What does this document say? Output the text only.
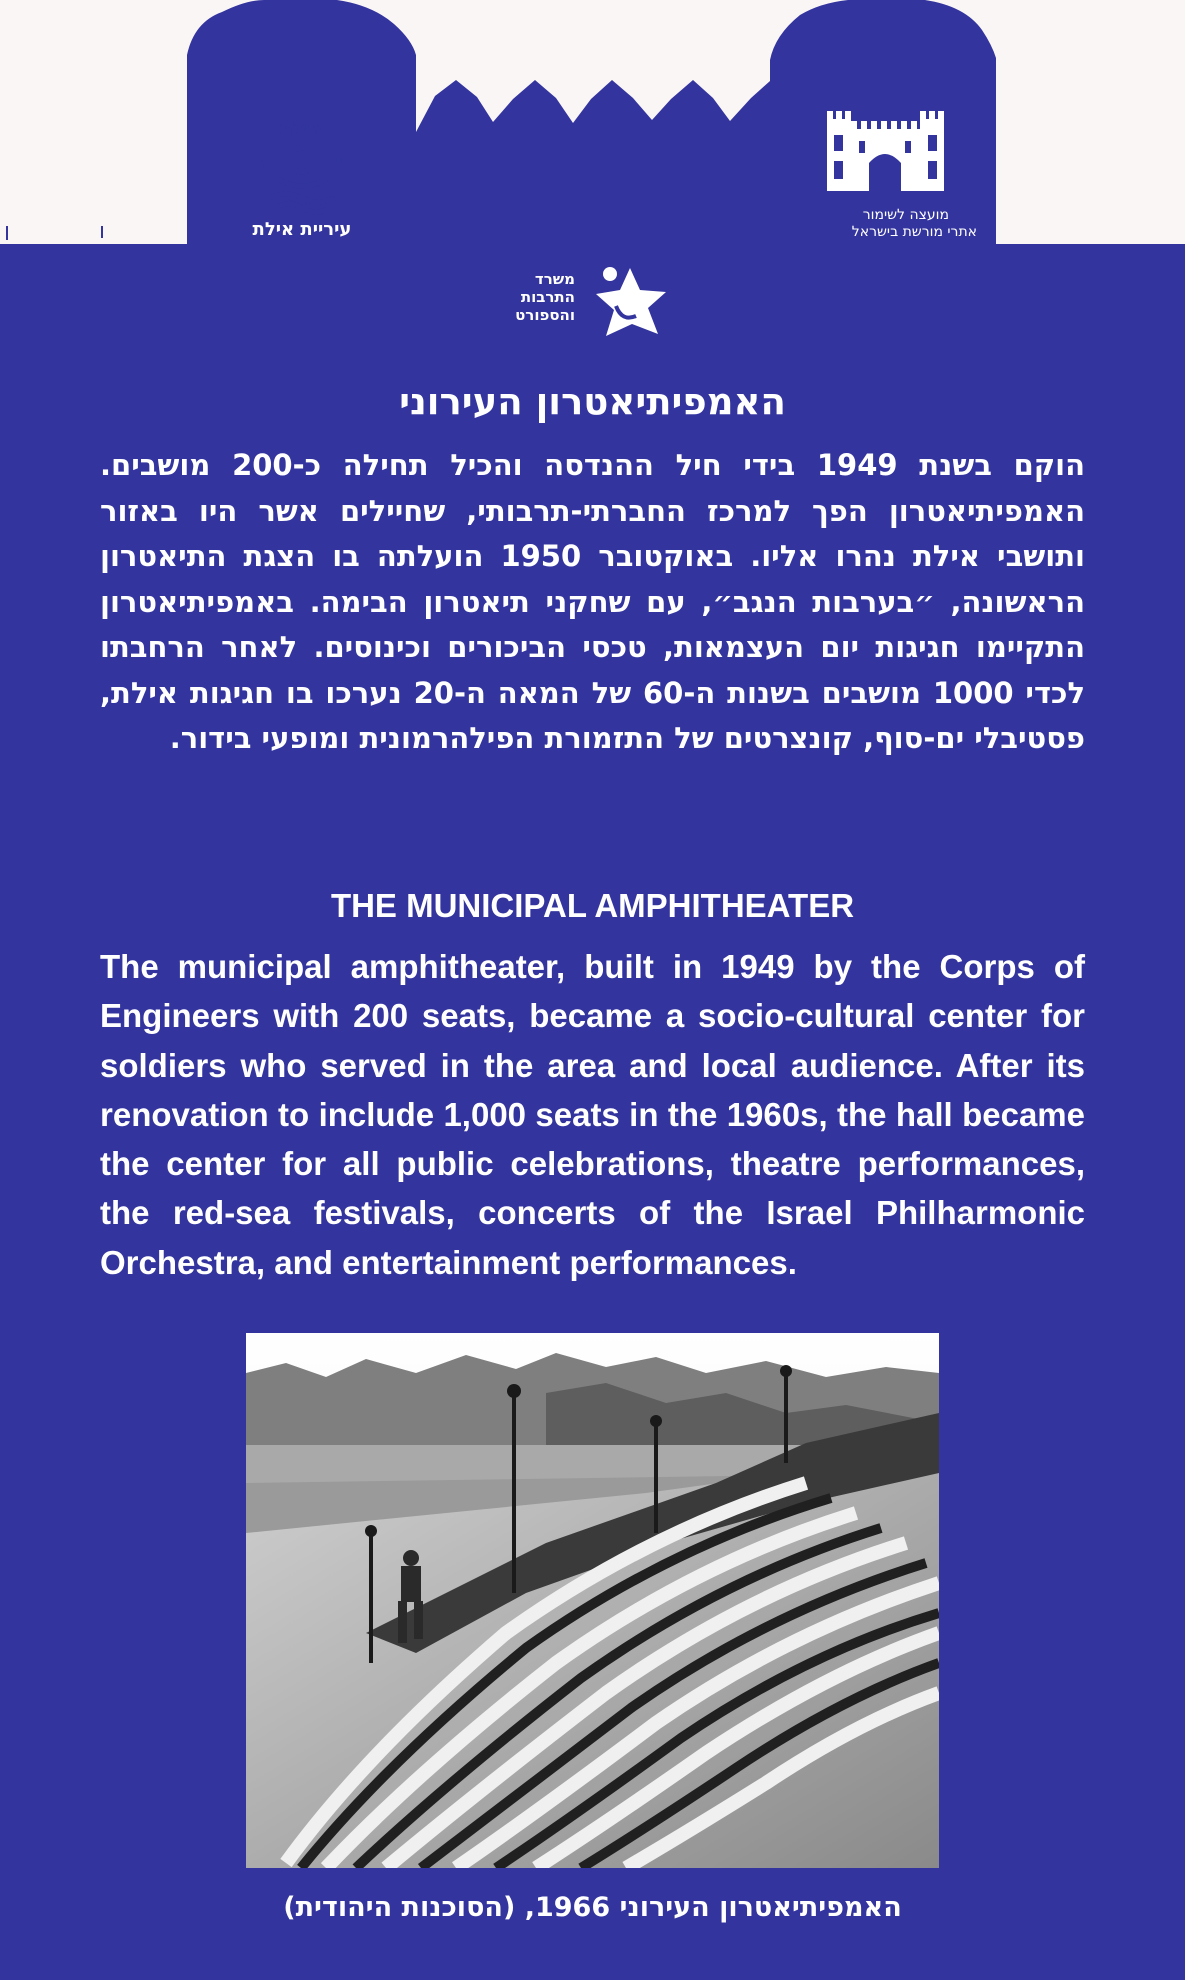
אילת
עיריית אילת
מועצה לשימור
אתרי מורשת בישראל
משרד
התרבות
והספורט
האמפיתיאטרון העירוני

הוקם בשנת 1949 בידי חיל ההנדסה והכיל תחילה כ-200 מושבים. האמפיתיאטרון הפך למרכז החברתי-תרבותי, שחיילים אשר היו באזור ותושבי אילת נהרו אליו. באוקטובר 1950 הועלתה בו הצגת התיאטרון הראשונה, ״בערבות הנגב״, עם שחקני תיאטרון הבימה. באמפיתיאטרון התקיימו חגיגות יום העצמאות, טכסי הביכורים וכינוסים. לאחר הרחבתו לכדי 1000 מושבים בשנות ה-60 של המאה ה-20 נערכו בו חגיגות אילת, פסטיבלי ים-סוף, קונצרטים של התזמורת הפילהרמונית ומופעי בידור.

THE MUNICIPAL AMPHITHEATER

The municipal amphitheater, built in 1949 by the Corps of Engineers with 200 seats, became a socio-cultural center for soldiers who served in the area and local audience. After its renovation to include 1,000 seats in the 1960s, the hall became the center for all public celebrations, theatre performances, the red-sea festivals, concerts of the Israel Philharmonic Orchestra, and entertainment performances.

האמפיתיאטרון העירוני 1966, (הסוכנות היהודית)
